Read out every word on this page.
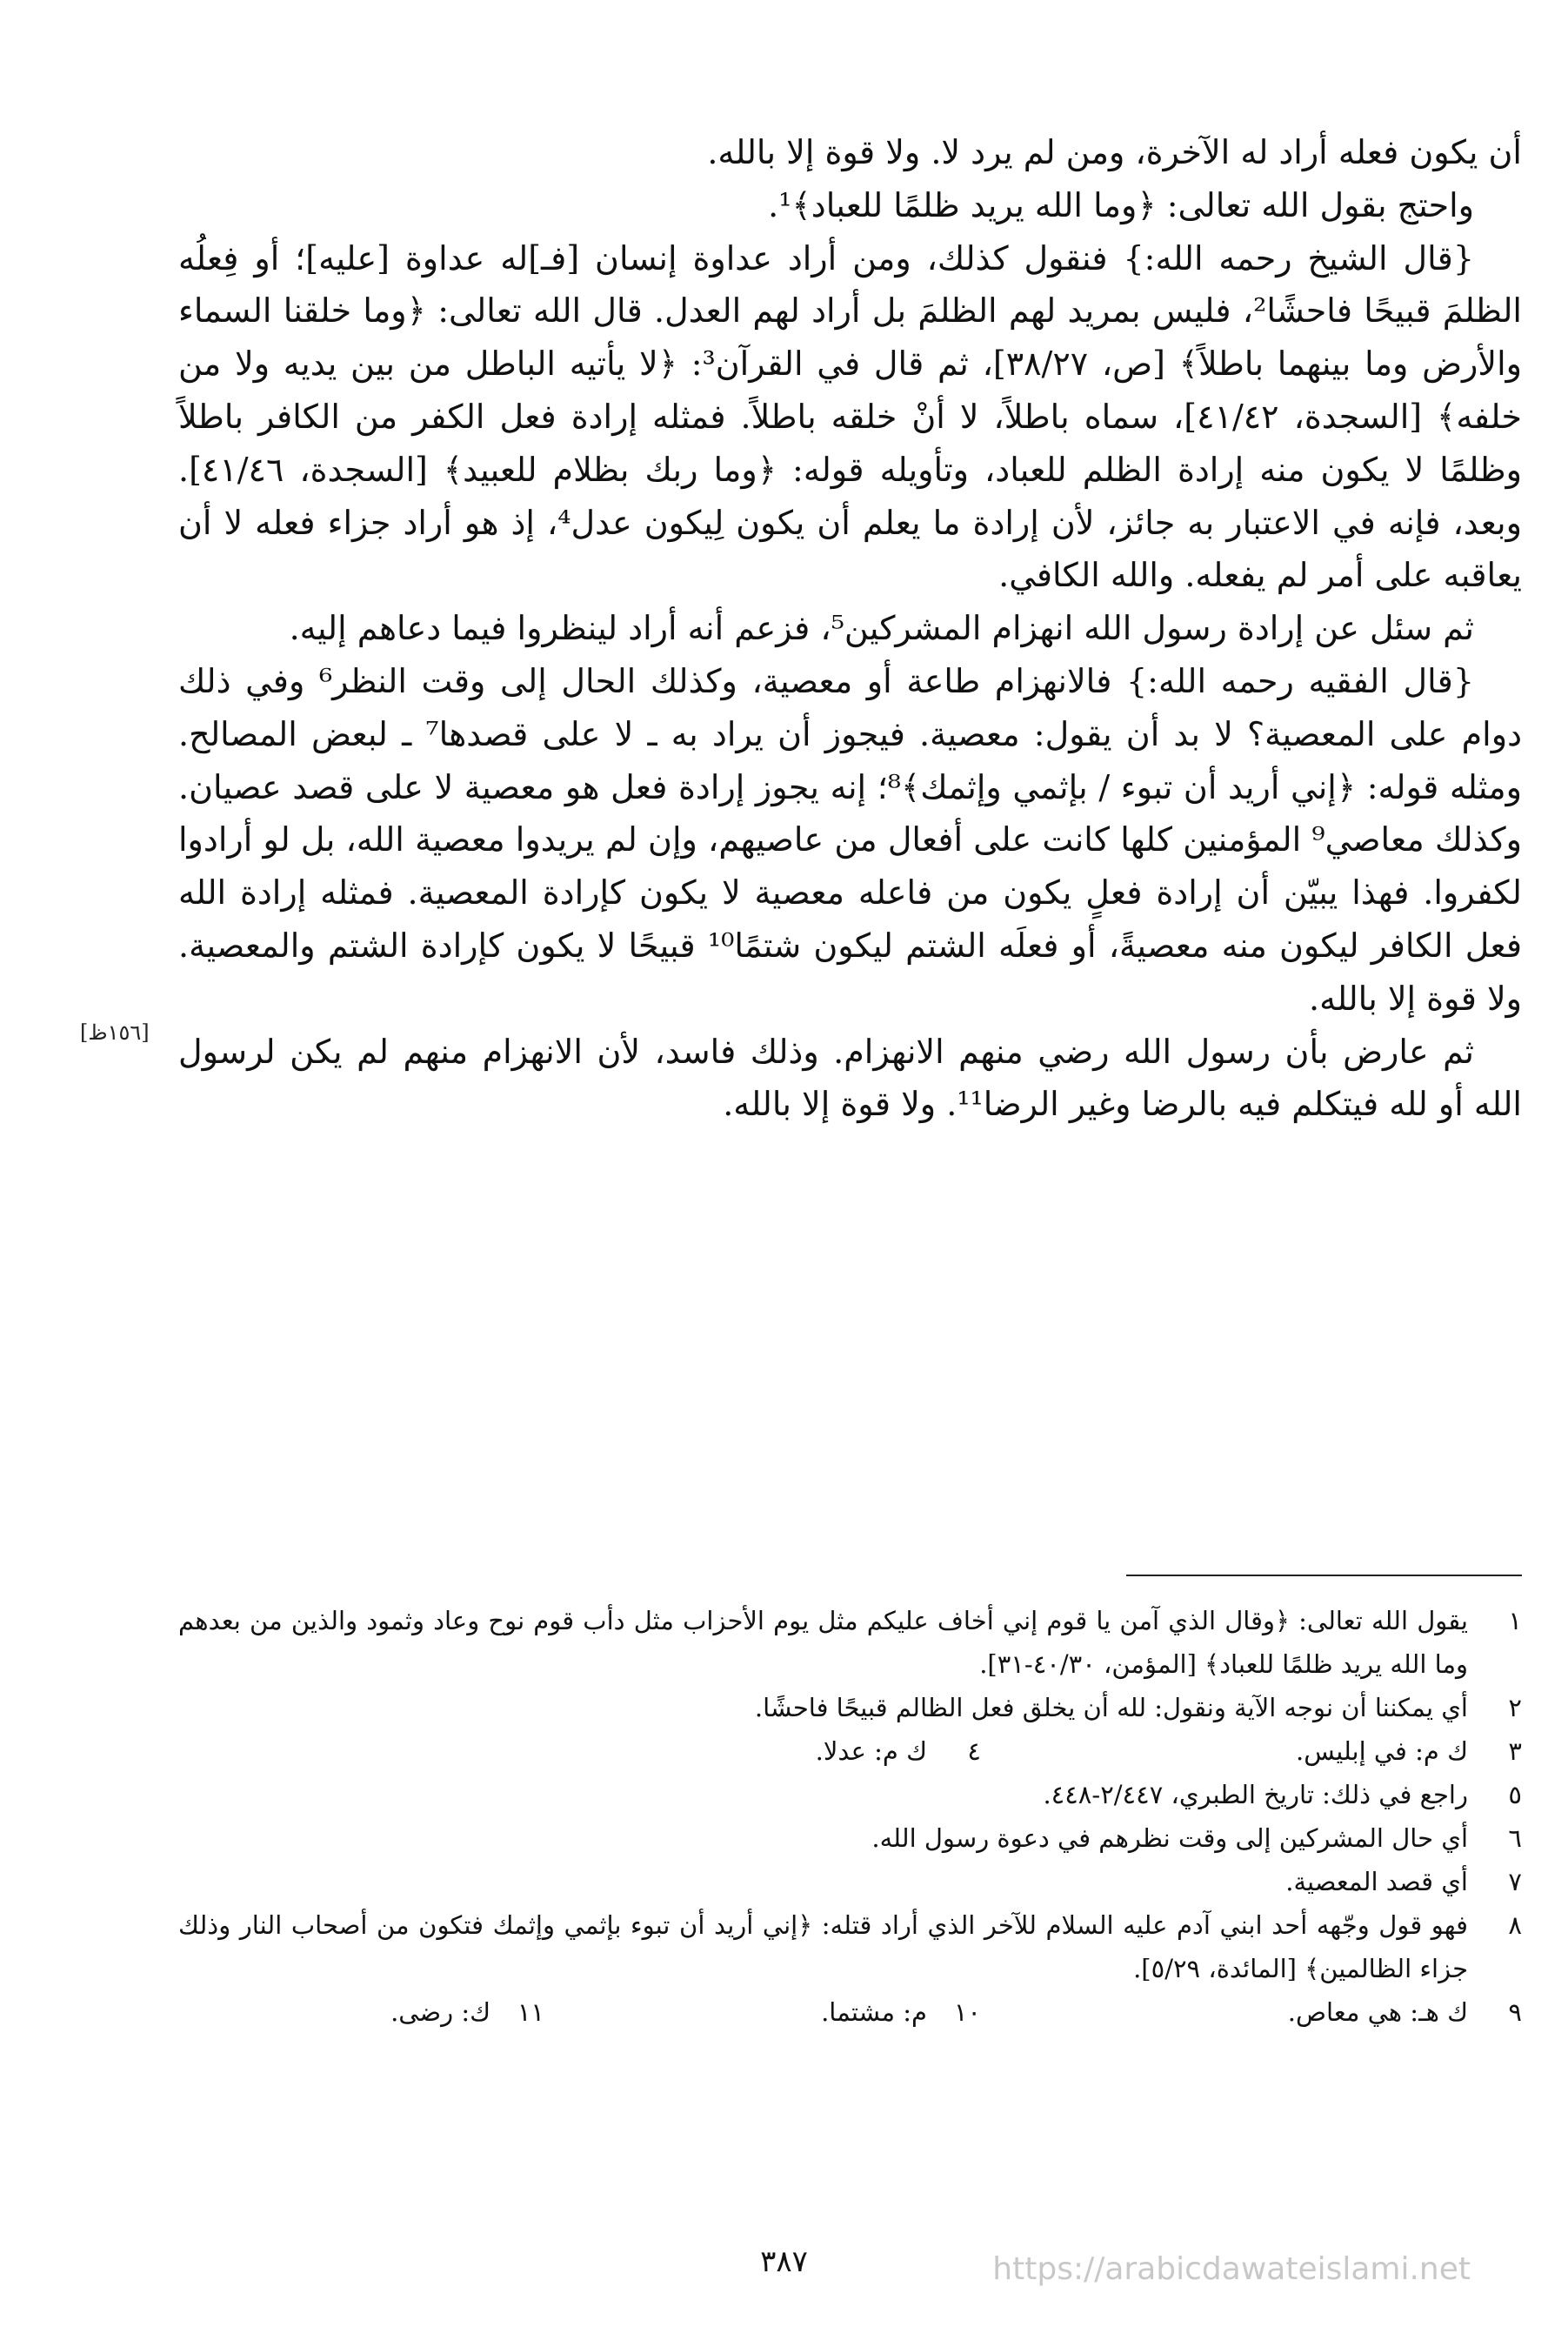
أن يكون فعله أراد له الآخرة، ومن لم يرد لا. ولا قوة إلا بالله.

واحتج بقول الله تعالى: ﴿وما الله يريد ظلمًا للعباد﴾¹.

{قال الشيخ رحمه الله:} فنقول كذلك، ومن أراد عداوة إنسان [فـ]له عداوة [عليه]؛ أو فِعلُه الظلمَ قبيحًا فاحشًا²، فليس بمريد لهم الظلمَ بل أراد لهم العدل. قال الله تعالى: ﴿وما خلقنا السماء والأرض وما بينهما باطلاً﴾ [ص، ٣٨/٢٧]، ثم قال في القرآن³: ﴿لا يأتيه الباطل من بين يديه ولا من خلفه﴾ [السجدة، ٤١/٤٢]، سماه باطلاً، لا أنْ خلقه باطلاً. فمثله إرادة فعل الكفر من الكافر باطلاً وظلمًا لا يكون منه إرادة الظلم للعباد، وتأويله قوله: ﴿وما ربك بظلام للعبيد﴾ [السجدة، ٤١/٤٦]. وبعد، فإنه في الاعتبار به جائز، لأن إرادة ما يعلم أن يكون لِيكون عدل⁴، إذ هو أراد جزاء فعله لا أن يعاقبه على أمر لم يفعله. والله الكافي.

ثم سئل عن إرادة رسول الله انهزام المشركين⁵، فزعم أنه أراد لينظروا فيما دعاهم إليه.

{قال الفقيه رحمه الله:} فالانهزام طاعة أو معصية، وكذلك الحال إلى وقت النظر⁶ وفي ذلك دوام على المعصية؟ لا بد أن يقول: معصية. فيجوز أن يراد به ـ لا على قصدها⁷ ـ لبعض المصالح. ومثله قوله: ﴿إني أريد أن تبوء / بإثمي وإثمك﴾⁸؛ إنه يجوز إرادة فعل هو معصية لا على قصد عصيان. وكذلك معاصي⁹ المؤمنين كلها كانت على أفعال من عاصيهم، وإن لم يريدوا معصية الله، بل لو أرادوا لكفروا. فهذا يبيّن أن إرادة فعلٍ يكون من فاعله معصية لا يكون كإرادة المعصية. فمثله إرادة الله فعل الكافر ليكون منه معصيةً، أو فعلَه الشتم ليكون شتمًا¹⁰ قبيحًا لا يكون كإرادة الشتم والمعصية. ولا قوة إلا بالله.

ثم عارض بأن رسول الله رضي منهم الانهزام. وذلك فاسد، لأن الانهزام منهم لم يكن لرسول الله أو لله فيتكلم فيه بالرضا وغير الرضا¹¹. ولا قوة إلا بالله.

[١٥٦ظ]
١
يقول الله تعالى: ﴿وقال الذي آمن يا قوم إني أخاف عليكم مثل يوم الأحزاب مثل دأب قوم نوح وعاد وثمود والذين من بعدهم وما الله يريد ظلمًا للعباد﴾ [المؤمن، ٤٠/٣٠-٣١].
٢
أي يمكننا أن نوجه الآية ونقول: لله أن يخلق فعل الظالم قبيحًا فاحشًا.
٣
ك م: في إبليس.
٤
ك م: عدلا.
٥
راجع في ذلك: تاريخ الطبري، ٢/٤٤٧-٤٤٨.
٦
أي حال المشركين إلى وقت نظرهم في دعوة رسول الله.
٧
أي قصد المعصية.
٨
فهو قول وجّهه أحد ابني آدم عليه السلام للآخر الذي أراد قتله: ﴿إني أريد أن تبوء بإثمي وإثمك فتكون من أصحاب النار وذلك جزاء الظالمين﴾ [المائدة، ٥/٢٩].
٩
ك هـ: هي معاص.
١٠
م: مشتما.
١١
ك: رضى.
٣٨٧	https://arabicdawateislami.net
